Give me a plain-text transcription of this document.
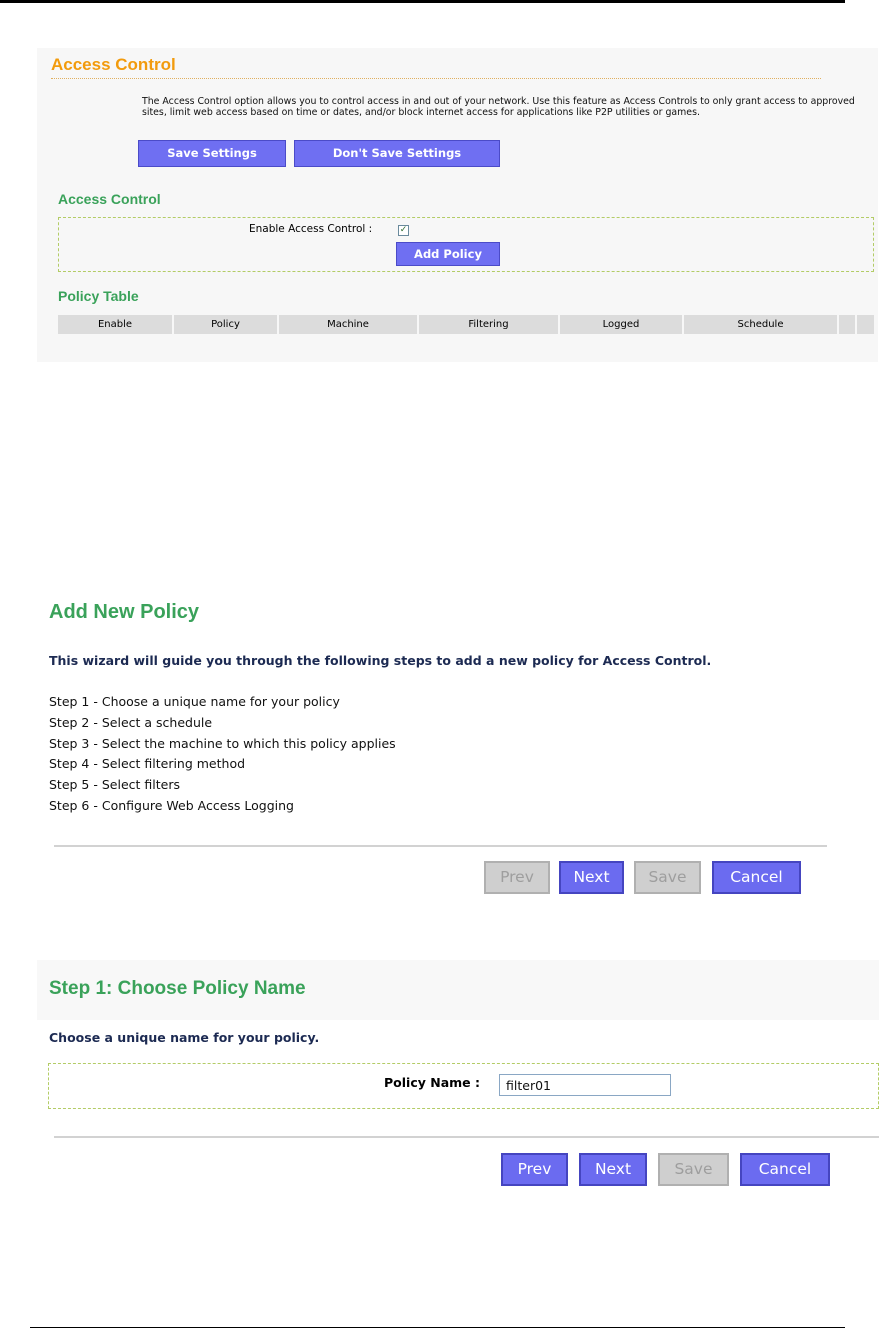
Access Control
The Access Control option allows you to control access in and out of your network. Use this feature as Access Controls to only grant access to approved sites, limit web access based on time or dates, and/or block internet access for applications like P2P utilities or games.
Save Settings	Don't Save Settings
Access Control
Enable Access Control :	✓
Add Policy
Policy Table
Enable	Policy	Machine	Filtering	Logged	Schedule
Add New Policy
This wizard will guide you through the following steps to add a new policy for Access Control.
Step 1 - Choose a unique name for your policy
Step 2 - Select a schedule
Step 3 - Select the machine to which this policy applies
Step 4 - Select filtering method
Step 5 - Select filters
Step 6 - Configure Web Access Logging
Prev	Next	Save	Cancel
Step 1: Choose Policy Name
Choose a unique name for your policy.
Policy Name :
filter01
Prev	Next	Save	Cancel
